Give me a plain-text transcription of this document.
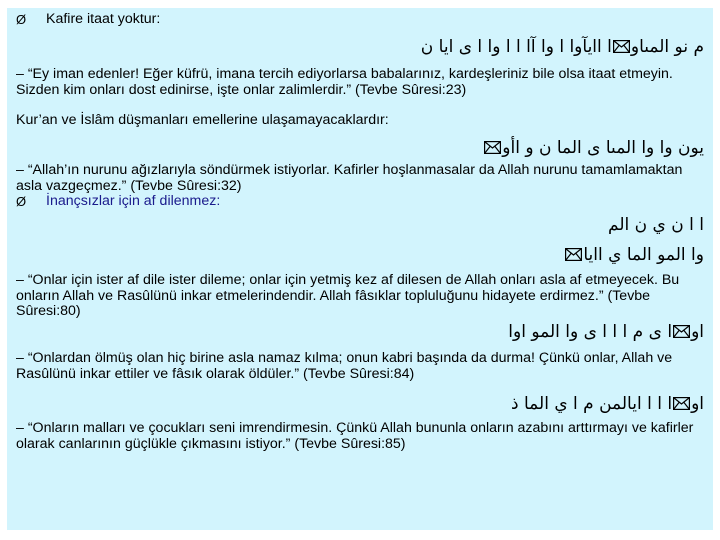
Ø Kafire itaat yoktur:
م نو المىاوا اايآوا ا وا آا ا ا وا ا ى ايا ن
– “Ey iman edenler! Eğer küfrü, imana tercih ediyorlarsa babalarınız, kardeşleriniz bile olsa itaat etmeyin. Sizden kim onları dost edinirse, işte onlar zalimlerdir.” (Tevbe Sûresi:23)
Kur’an ve İslâm düşmanları emellerine ulaşamayacaklardır:
يون وا وا المىا ى الما ن و اأو
– “Allah’ın nurunu ağızlarıyla söndürmek istiyorlar. Kafirler hoşlanmasalar da Allah nurunu tamamlamaktan asla vazgeçmez.” (Tevbe Sûresi:32)
Ø İnançsızlar için af dilenmez:
ا ا ن ي ن الم
وا المو الما ي اايا
– “Onlar için ister af dile ister dileme; onlar için yetmiş kez af dilesen de Allah onları asla af etmeyecek. Bu onların Allah ve Rasûlünü inkar etmelerindendir. Allah fâsıklar topluluğunu hidayete erdirmez.” (Tevbe Sûresi:80)
اوا ى م ا ا ا ى وا المو اوا
– “Onlardan ölmüş olan hiç birine asla namaz kılma; onun kabri başında da durma! Çünkü onlar, Allah ve Rasûlünü inkar ettiler ve fâsık olarak öldüler.” (Tevbe Sûresi:84)
اوا ا ا ايالمن م ا ي الما ذ
– “Onların malları ve çocukları seni imrendirmesin. Çünkü Allah bununla onların azabını arttırmayı ve kafirler olarak canlarının güçlükle çıkmasını istiyor.” (Tevbe Sûresi:85)
